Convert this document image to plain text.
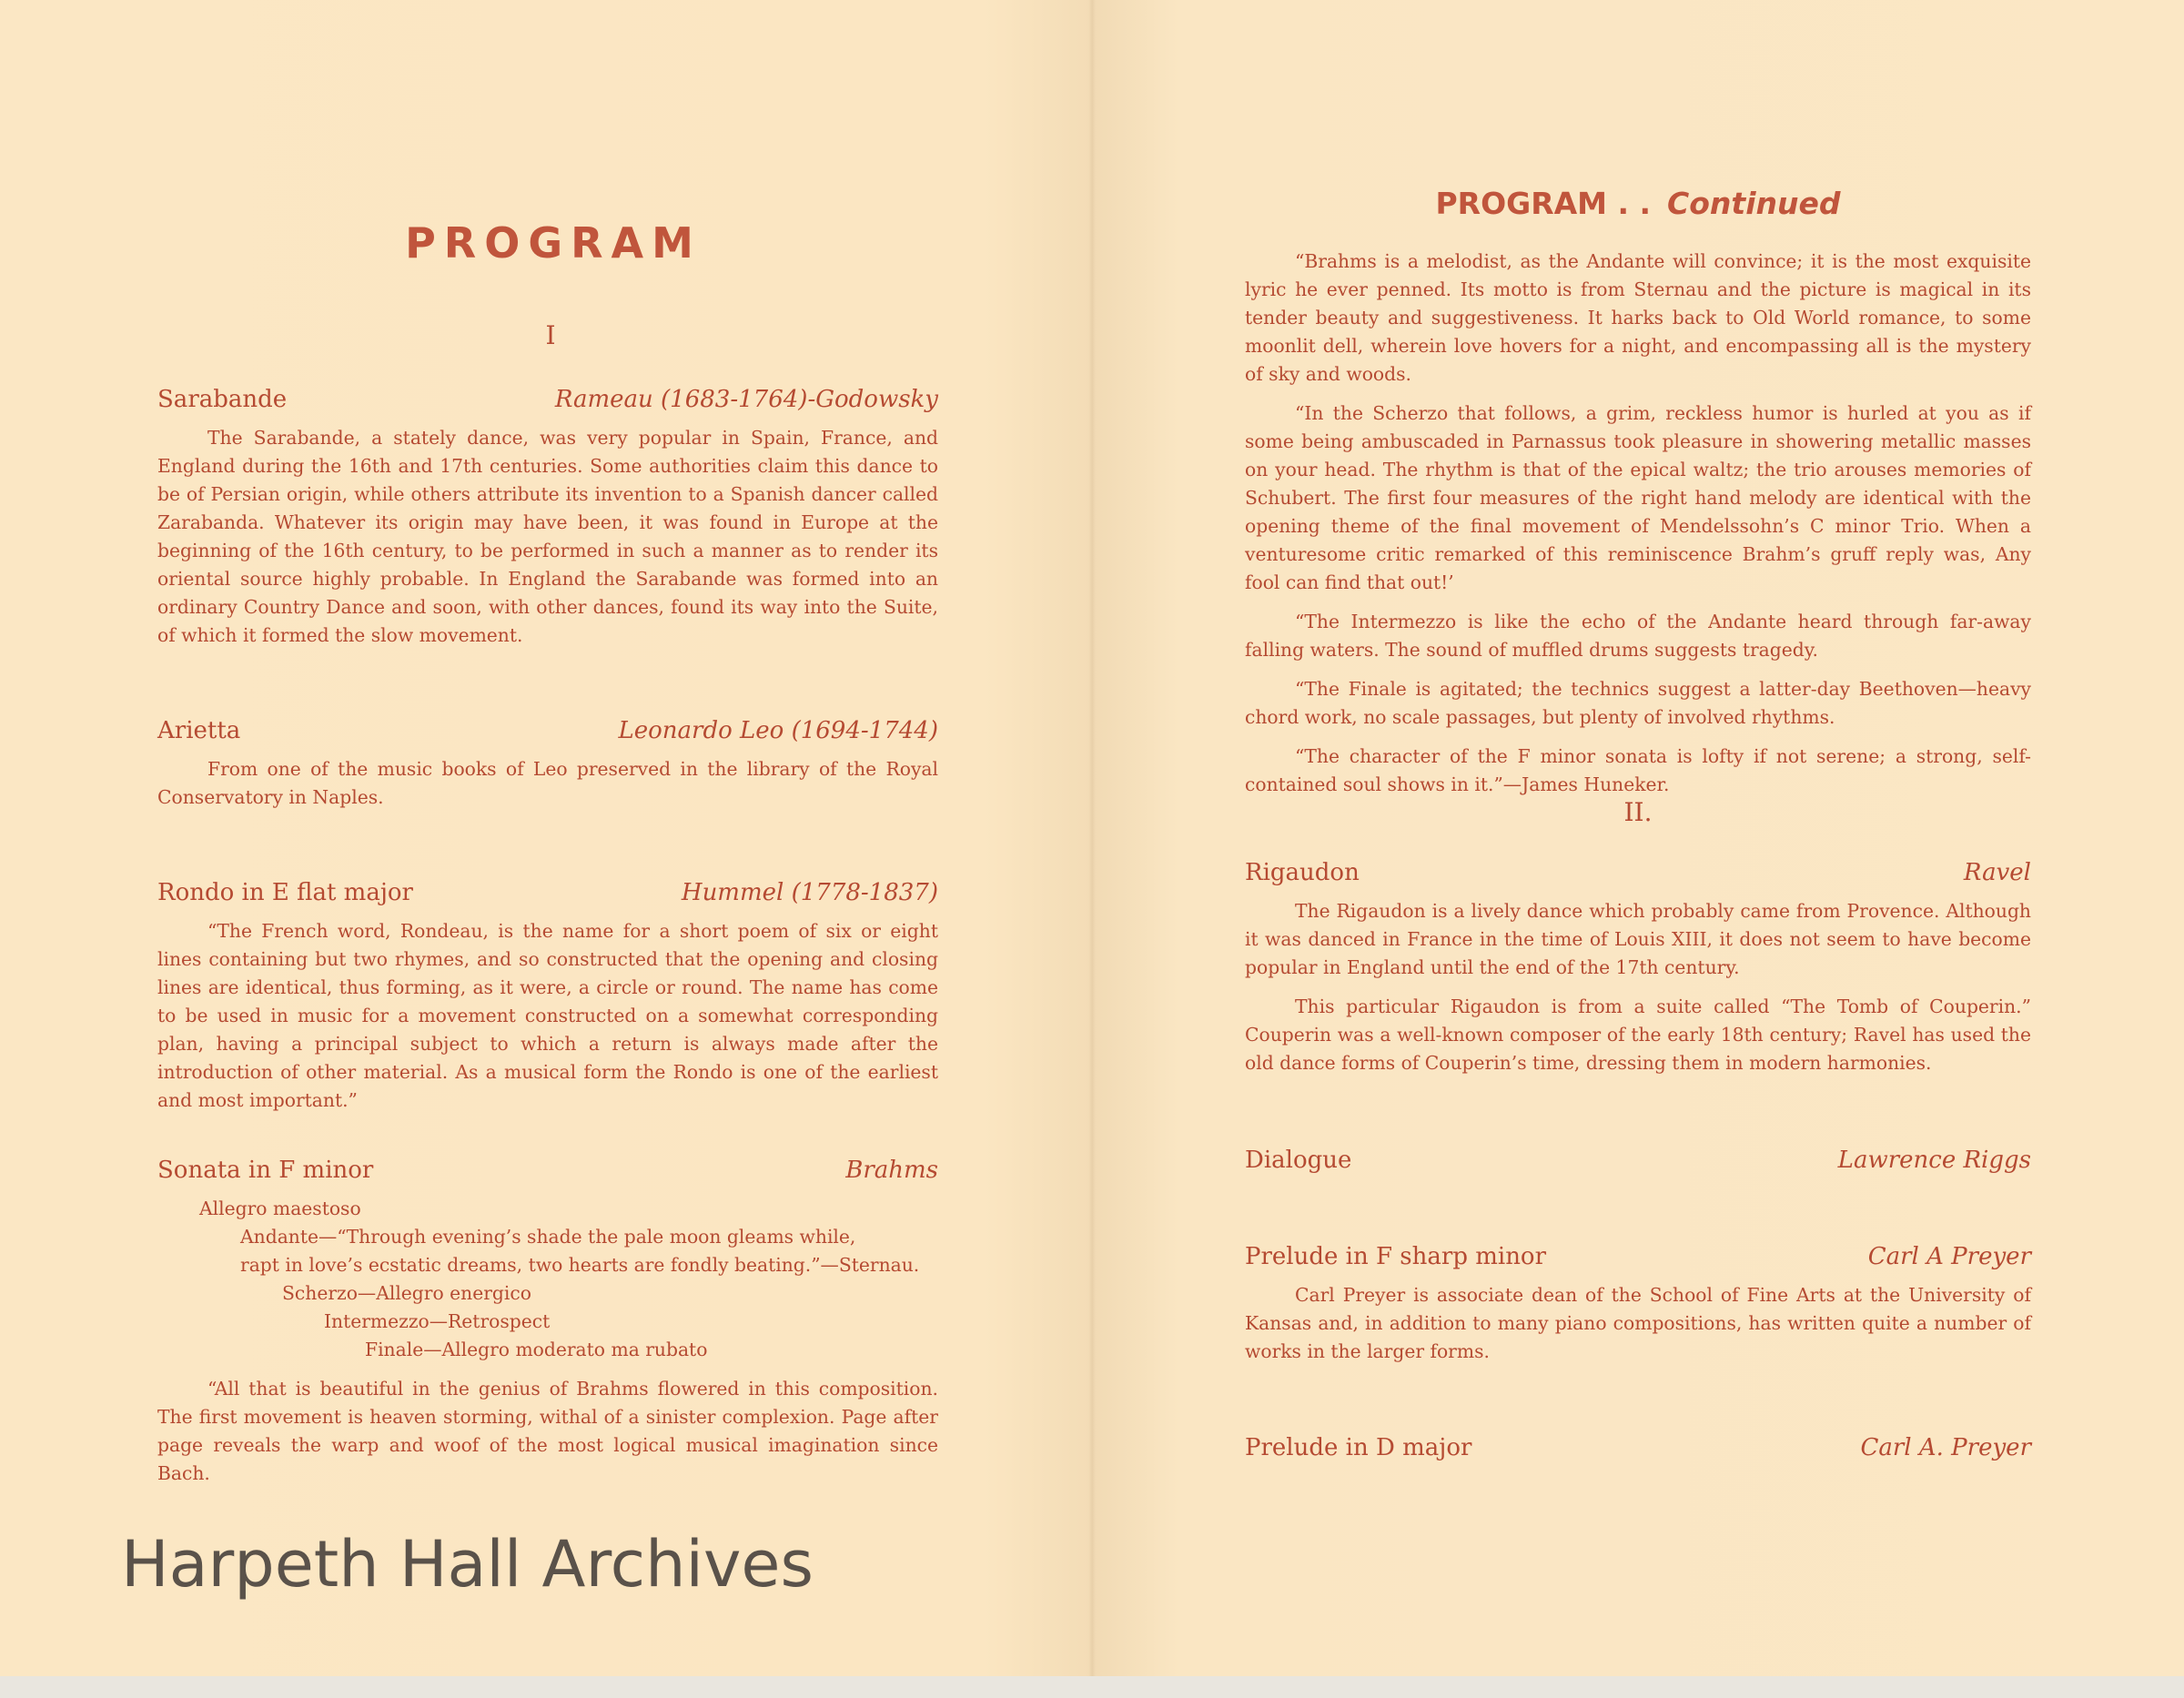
PROGRAM
I
Sarabande	Rameau (1683-1764)-Godowsky
The Sarabande, a stately dance, was very popular in Spain, France, and England during the 16th and 17th centuries. Some authorities claim this dance to be of Persian origin, while others attribute its invention to a Spanish dancer called Zarabanda. Whatever its origin may have been, it was found in Europe at the beginning of the 16th century, to be performed in such a manner as to render its oriental source highly probable. In England the Sarabande was formed into an ordinary Country Dance and soon, with other dances, found its way into the Suite, of which it formed the slow movement.
Arietta	Leonardo Leo (1694-1744)
From one of the music books of Leo preserved in the library of the Royal Conservatory in Naples.
Rondo in E flat major	Hummel (1778-1837)
“The French word, Rondeau, is the name for a short poem of six or eight lines containing but two rhymes, and so constructed that the opening and closing lines are identical, thus forming, as it were, a circle or round. The name has come to be used in music for a movement constructed on a somewhat corresponding plan, having a principal subject to which a return is always made after the introduction of other material. As a musical form the Rondo is one of the earliest and most important.”
Sonata in F minor	Brahms
Allegro maestoso
Andante—“Through evening’s shade the pale moon gleams while,
rapt in love’s ecstatic dreams, two hearts are fondly beating.”—Sternau.
Scherzo—Allegro energico
Intermezzo—Retrospect
Finale—Allegro moderato ma rubato
“All that is beautiful in the genius of Brahms flowered in this composition. The first movement is heaven storming, withal of a sinister complexion. Page after page reveals the warp and woof of the most logical musical imagination since Bach.
PROGRAM . . Continued
“Brahms is a melodist, as the Andante will convince; it is the most exquisite lyric he ever penned. Its motto is from Sternau and the picture is magical in its tender beauty and suggestiveness. It harks back to Old World romance, to some moonlit dell, wherein love hovers for a night, and encompassing all is the mystery of sky and woods.
“In the Scherzo that follows, a grim, reckless humor is hurled at you as if some being ambuscaded in Parnassus took pleasure in showering metallic masses on your head. The rhythm is that of the epical waltz; the trio arouses memories of Schubert. The first four measures of the right hand melody are identical with the opening theme of the final movement of Mendelssohn’s C minor Trio. When a venturesome critic remarked of this reminiscence Brahm’s gruff reply was, Any fool can find that out!’
“The Intermezzo is like the echo of the Andante heard through far-away falling waters. The sound of muffled drums suggests tragedy.
“The Finale is agitated; the technics suggest a latter-day Beethoven—heavy chord work, no scale passages, but plenty of involved rhythms.
“The character of the F minor sonata is lofty if not serene; a strong, self-contained soul shows in it.”—James Huneker.
II.
Rigaudon	Ravel
The Rigaudon is a lively dance which probably came from Provence. Although it was danced in France in the time of Louis XIII, it does not seem to have become popular in England until the end of the 17th century.
This particular Rigaudon is from a suite called “The Tomb of Couperin.” Couperin was a well-known composer of the early 18th century; Ravel has used the old dance forms of Couperin’s time, dressing them in modern harmonies.
Dialogue	Lawrence Riggs
Prelude in F sharp minor	Carl A Preyer
Carl Preyer is associate dean of the School of Fine Arts at the University of Kansas and, in addition to many piano compositions, has written quite a number of works in the larger forms.
Prelude in D major	Carl A. Preyer
Harpeth Hall Archives
